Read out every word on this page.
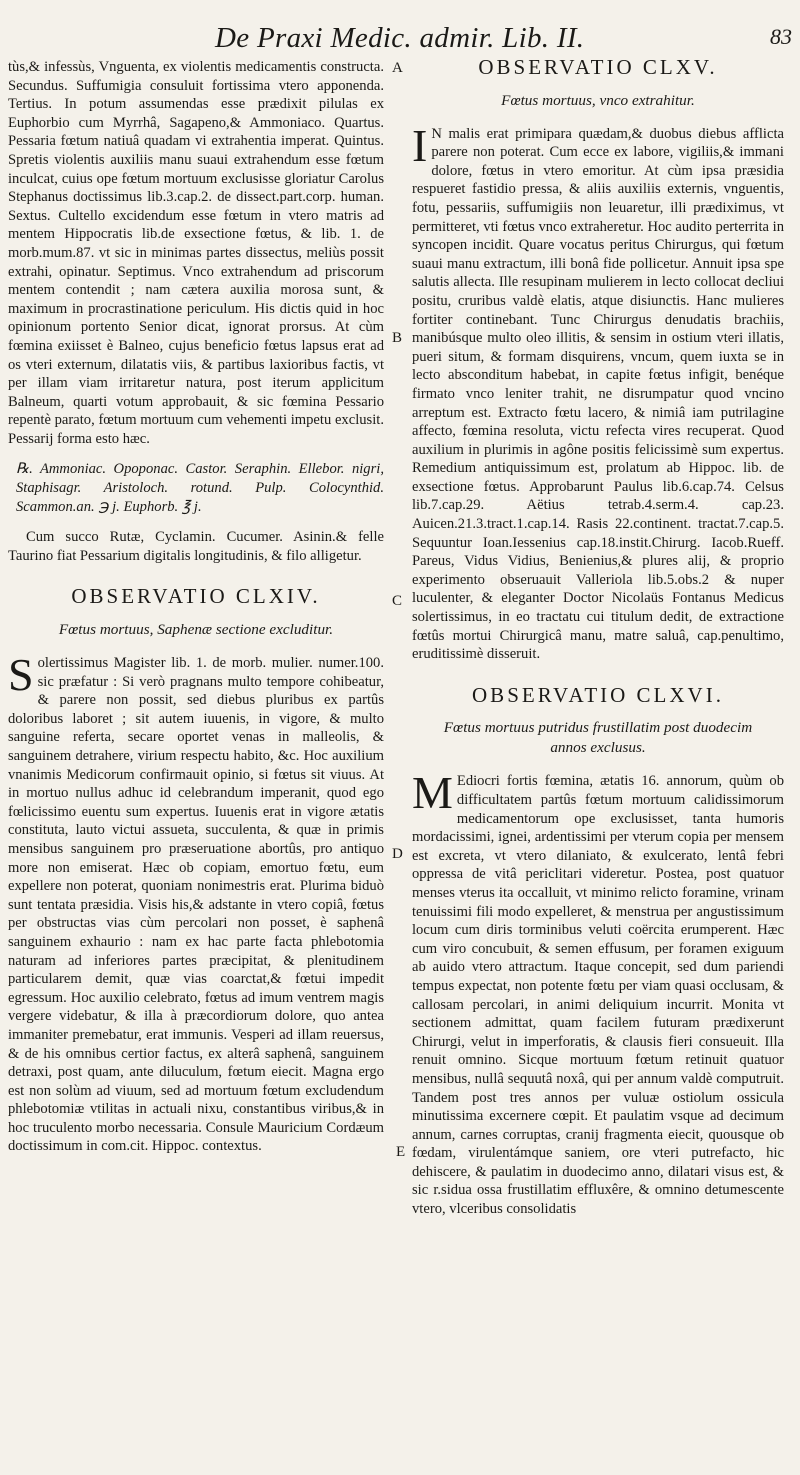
De Praxi Medic. admir. Lib. II.	83
A
B
C
D
E

tùs,& infessùs, Vnguenta, ex violentis medicamentis constructa. Secundus. Suffumigia consuluit fortissima vtero apponenda. Tertius. In potum assumendas esse prædixit pilulas ex Euphorbio cum Myrrhâ, Sagapeno,& Ammoniaco. Quartus. Pessaria fœtum natiuâ quadam vi extrahentia imperat. Quintus. Spretis violentis auxiliis manu suaui extrahendum esse fœtum inculcat, cuius ope fœtum mortuum exclusisse gloriatur Carolus Stephanus doctissimus lib.3.cap.2. de dissect.part.corp. human. Sextus. Cultello excidendum esse fœtum in vtero matris ad mentem Hippocratis lib.de exsectione fœtus, & lib. 1. de morb.mum.87. vt sic in minimas partes dissectus, meliùs possit extrahi, opinatur. Septimus. Vnco extrahendum ad priscorum mentem contendit ; nam cætera auxilia morosa sunt, & maximum in procrastinatione periculum. His dictis quid in hoc opinionum portento Senior dicat, ignorat prorsus. At cùm fœmina exiisset è Balneo, cujus beneficio fœtus lapsus erat ad os vteri externum, dilatatis viis, & partibus laxioribus factis, vt per illam viam irritaretur natura, post iterum applicitum Balneum, quarti votum approbauit, & sic fœmina Pessario repentè parato, fœtum mortuum cum vehementi impetu exclusit. Pessarij forma esto hæc.

℞. Ammoniac. Opoponac. Castor. Seraphin. Ellebor. nigri, Staphisagr. Aristoloch. rotund. Pulp. Colocynthid. Scammon.an. ℈ j. Euphorb. ℥ j.

Cum succo Rutæ, Cyclamin. Cucumer. Asinin.& felle Taurino fiat Pessarium digitalis longitudinis, & filo alligetur.

OBSERVATIO CLXIV.
Fœtus mortuus, Saphenæ sectione excluditur.

Solertissimus Magister lib. 1. de morb. mulier. numer.100. sic præfatur : Si verò pragnans multo tempore cohibeatur, & parere non possit, sed diebus pluribus ex partûs doloribus laboret ; sit autem iuuenis, in vigore, & multo sanguine referta, secare oportet venas in malleolis, & sanguinem detrahere, virium respectu habito, &c. Hoc auxilium vnanimis Medicorum confirmauit opinio, si fœtus sit viuus. At in mortuo nullus adhuc id celebrandum imperanit, quod ego fœlicissimo euentu sum expertus. Iuuenis erat in vigore ætatis constituta, lauto victui assueta, succulenta, & quæ in primis mensibus sanguinem pro præseruatione abortûs, pro antiquo more non emiserat. Hæc ob copiam, emortuo fœtu, eum expellere non poterat, quoniam nonimestris erat. Plurima biduò sunt tentata præsidia. Visis his,& adstante in vtero copiâ, fœtus per obstructas vias cùm percolari non posset, è saphenâ sanguinem exhaurio : nam ex hac parte facta phlebotomia naturam ad inferiores partes præcipitat, & plenitudinem particularem demit, quæ vias coarctat,& fœtui impedit egressum. Hoc auxilio celebrato, fœtus ad imum ventrem magis vergere videbatur, & illa à præcordiorum dolore, quo antea immaniter premebatur, erat immunis. Vesperi ad illam reuersus, & de his omnibus certior factus, ex alterâ saphenâ, sanguinem detraxi, post quam, ante diluculum, fœtum eiecit. Magna ergo est non solùm ad viuum, sed ad mortuum fœtum excludendum phlebotomiæ vtilitas in actuali nixu, constantibus viribus,& in hoc truculento morbo necessaria. Consule Mauricium Cordæum doctissimum in com.cit. Hippoc. contextus.

OBSERVATIO CLXV.
Fœtus mortuus, vnco extrahitur.

I N malis erat primipara quædam,& duobus diebus afflicta parere non poterat. Cum ecce ex labore, vigiliis,& immani dolore, fœtus in vtero emoritur. At cùm ipsa præsidia respueret fastidio pressa, & aliis auxiliis externis, vnguentis, fotu, pessariis, suffumigiis non leuaretur, illi prædiximus, vt permitteret, vti fœtus vnco extraheretur. Hoc audito perterrita in syncopen incidit. Quare vocatus peritus Chirurgus, qui fœtum suaui manu extractum, illi bonâ fide pollicetur. Annuit ipsa spe salutis allecta. Ille resupinam mulierem in lecto collocat decliui positu, cruribus valdè elatis, atque disiunctis. Hanc mulieres fortiter continebant. Tunc Chirurgus denudatis brachiis, manibúsque multo oleo illitis, & sensim in ostium vteri illatis, pueri situm, & formam disquirens, vncum, quem iuxta se in lecto absconditum habebat, in capite fœtus infigit, benéque firmato vnco leniter trahit, ne disrumpatur quod vncino arreptum est. Extracto fœtu lacero, & nimiâ iam putrilagine affecto, fœmina resoluta, victu refecta vires recuperat. Quod auxilium in plurimis in agône positis felicissimè sum expertus. Remedium antiquissimum est, prolatum ab Hippoc. lib. de exsectione fœtus. Approbarunt Paulus lib.6.cap.74. Celsus lib.7.cap.29. Aëtius tetrab.4.serm.4. cap.23. Auicen.21.3.tract.1.cap.14. Rasis 22.continent. tractat.7.cap.5. Sequuntur Ioan.Iessenius cap.18.instit.Chirurg. Iacob.Rueff. Pareus, Vidus Vidius, Benienius,& plures alij, & proprio experimento obseruauit Valleriola lib.5.obs.2 & nuper luculenter, & eleganter Doctor Nicolaüs Fontanus Medicus solertissimus, in eo tractatu cui titulum dedit, de extractione fœtûs mortui Chirurgicâ manu, matre saluâ, cap.penultimo, eruditissimè disseruit.

OBSERVATIO CLXVI.
Fœtus mortuus putridus frustillatim post duodecim annos exclusus.

M Ediocri fortis fœmina, ætatis 16. annorum, quùm ob difficultatem partûs fœtum mortuum calidissimorum medicamentorum ope exclusisset, tanta humoris mordacissimi, ignei, ardentissimi per vterum copia per mensem est excreta, vt vtero dilaniato, & exulcerato, lentâ febri oppressa de vitâ periclitari videretur. Postea, post quatuor menses vterus ita occalluit, vt minimo relicto foramine, vrinam tenuissimi fili modo expelleret, & menstrua per angustissimum locum cum diris torminibus veluti coërcita erumperent. Hæc cum viro concubuit, & semen effusum, per foramen exiguum ab auido vtero attractum. Itaque concepit, sed dum pariendi tempus expectat, non potente fœtu per viam quasi occlusam, & callosam percolari, in animi deliquium incurrit. Monita vt sectionem admittat, quam facilem futuram prædixerunt Chirurgi, velut in imperforatis, & clausis fieri consueuit. Illa renuit omnino. Sicque mortuum fœtum retinuit quatuor mensibus, nullâ sequutâ noxâ, qui per annum valdè computruit. Tandem post tres annos per vuluæ ostiolum ossicula minutissima excernere cœpit. Et paulatim vsque ad decimum annum, carnes corruptas, cranij fragmenta eiecit, quousque ob fœdam, virulentámque saniem, ore vteri putrefacto, hic dehiscere, & paulatim in duodecimo anno, dilatari visus est, & sic r.sidua ossa frustillatim effluxêre, & omnino detumescente vtero, vlceribus consolidatis
